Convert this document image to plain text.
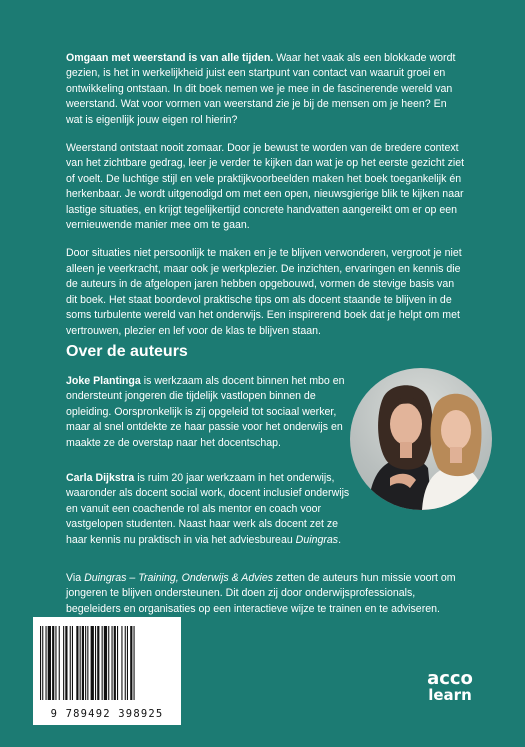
Omgaan met weerstand is van alle tijden. Waar het vaak als een blokkade wordt gezien, is het in werkelijkheid juist een startpunt van contact van waaruit groei en ontwikkeling ontstaan. In dit boek nemen we je mee in de fascinerende wereld van weerstand. Wat voor vormen van weerstand zie je bij de mensen om je heen? En wat is eigenlijk jouw eigen rol hierin?

Weerstand ontstaat nooit zomaar. Door je bewust te worden van de bredere context van het zichtbare gedrag, leer je verder te kijken dan wat je op het eerste gezicht ziet of voelt. De luchtige stijl en vele praktijkvoorbeelden maken het boek toegankelijk én herkenbaar. Je wordt uitgenodigd om met een open, nieuwsgierige blik te kijken naar lastige situaties, en krijgt tegelijkertijd concrete handvatten aangereikt om er op een vernieuwende manier mee om te gaan.

Door situaties niet persoonlijk te maken en je te blijven verwonderen, vergroot je niet alleen je veerkracht, maar ook je werkplezier. De inzichten, ervaringen en kennis die de auteurs in de afgelopen jaren hebben opgebouwd, vormen de stevige basis van dit boek. Het staat boordevol praktische tips om als docent staande te blijven in de soms turbulente wereld van het onderwijs. Een inspirerend boek dat je helpt om met vertrouwen, plezier en lef voor de klas te blijven staan.

Over de auteurs

Joke Plantinga is werkzaam als docent binnen het mbo en ondersteunt jongeren die tijdelijk vastlopen binnen de opleiding. Oorspronkelijk is zij opgeleid tot sociaal werker, maar al snel ontdekte ze haar passie voor het onderwijs en maakte ze de overstap naar het docentschap.

Carla Dijkstra is ruim 20 jaar werkzaam in het onderwijs, waaronder als docent social work, docent inclusief onderwijs en vanuit een coachende rol als mentor en coach voor vastgelopen studenten. Naast haar werk als docent zet ze haar kennis nu praktisch in via het adviesbureau Duingras.

Via Duingras – Training, Onderwijs & Advies zetten de auteurs hun missie voort om jongeren te blijven ondersteunen. Dit doen zij door onderwijsprofessionals, begeleiders en organisaties op een interactieve wijze te trainen en te adviseren.
9 789492 398925
acco
learn
